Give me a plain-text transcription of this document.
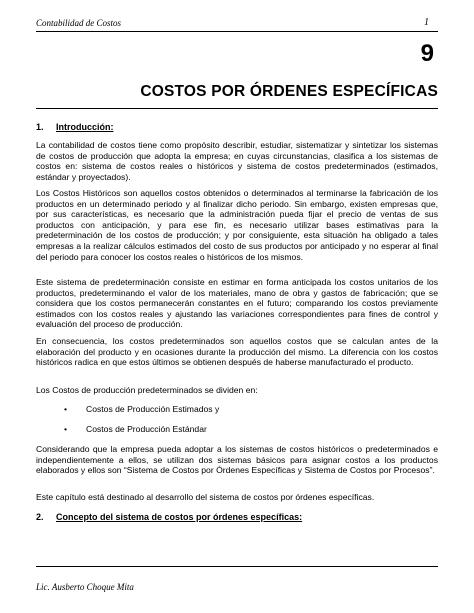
Contabilidad de Costos	1
9
COSTOS POR ÓRDENES ESPECÍFICAS
1. Introducción:
La contabilidad de costos tiene como propósito describir, estudiar, sistematizar y sintetizar los sistemas de costos de producción que adopta la empresa; en cuyas circunstancias, clasifica a los sistemas de costos en: sistema de costos reales o históricos y sistema de costos predeterminados (estimados, estándar y proyectados).
Los Costos Históricos son aquellos costos obtenidos o determinados al terminarse la fabricación de los productos en un determinado periodo y al finalizar dicho periodo. Sin embargo, existen empresas que, por sus características, es necesario que la administración pueda fijar el precio de ventas de sus productos con anticipación, y para ese fin, es necesario utilizar bases estimativas para la predeterminación de los costos de producción; y por consiguiente, esta situación ha obligado a tales empresas a la realizar cálculos estimados del costo de sus productos por anticipado y no esperar al final del periodo para conocer los costos reales o históricos de los mismos.
Este sistema de predeterminación consiste en estimar en forma anticipada los costos unitarios de los productos, predeterminando el valor de los materiales, mano de obra y gastos de fabricación; que se considera que los costos permanecerán constantes en el futuro; comparando los costos previamente estimados con los costos reales y ajustando las variaciones correspondientes para fines de control y evaluación del proceso de producción.
En consecuencia, los costos predeterminados son aquellos costos que se calculan antes de la elaboración del producto y en ocasiones durante la producción del mismo. La diferencia con los costos históricos radica en que estos últimos se obtienen después de haberse manufacturado el producto.
Los Costos de producción predeterminados se dividen en:
• Costos de Producción Estimados y
• Costos de Producción Estándar
Considerando que la empresa pueda adoptar a los sistemas de costos históricos o predeterminados e independientemente a ellos, se utilizan dos sistemas básicos para asignar costos a los productos elaborados y ellos son “Sistema de Costos por Órdenes Específicas y Sistema de Costos por Procesos”.
Este capítulo está destinado al desarrollo del sistema de costos por órdenes específicas.
2. Concepto del sistema de costos por órdenes específicas:
Lic. Ausberto Choque Mita
